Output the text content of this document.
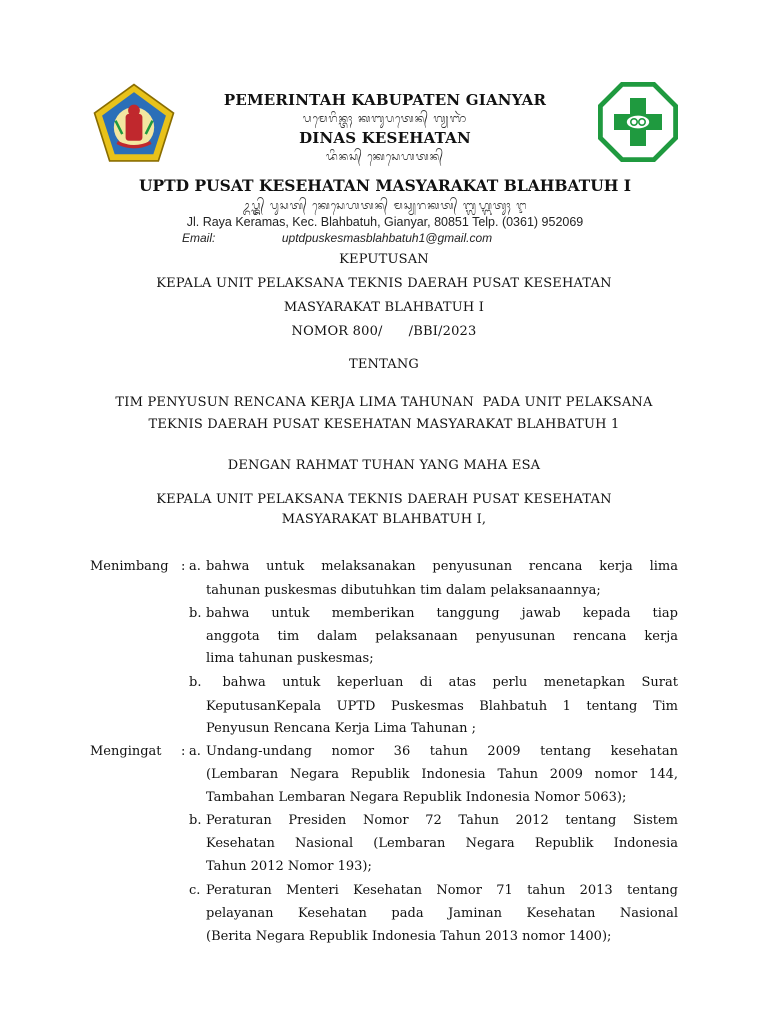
PEMERINTAH KABUPATEN GIANYAR
ᬧᬫᬾᬭᬶᬦ᭄ᬢᬄ ᬓᬩᬸᬧᬢᬾᬦ᭄ ᬕ᭄ᬬᬜᬃ
DINAS KESEHATAN
ᬤᬶᬦᬲ᭄ ᬓᬾᬲᬾᬳᬢᬦ᭄
UPTD PUSAT KESEHATAN MASYARAKAT BLAHBATUH I
ᬉᬧ᭄ᬢ᭄ᬤ᭄ ᬧᬸᬲᬢ᭄ ᬓᬾᬲᬾᬳᬢᬦ᭄ ᬫᬲ᭄ᬬᬭᬓᬢ᭄ ᬩ᭄ᬮᬳ᭄ᬩᬢᬸᬄ ᬇ
Jl. Raya Keramas, Kec. Blahbatuh, Gianyar, 80851 Telp. (0361) 952069
Email:	uptdpuskesmasblahbatuh1@gmail.com
KEPUTUSAN
KEPALA UNIT PELAKSANA TEKNIS DAERAH PUSAT KESEHATAN
MASYARAKAT BLAHBATUH I
NOMOR 800/      /BBI/2023
TENTANG
TIM PENYUSUN RENCANA KERJA LIMA TAHUNAN  PADA UNIT PELAKSANA
TEKNIS DAERAH PUSAT KESEHATAN MASYARAKAT BLAHBATUH 1
DENGAN RAHMAT TUHAN YANG MAHA ESA
KEPALA UNIT PELAKSANA TEKNIS DAERAH PUSAT KESEHATAN
MASYARAKAT BLAHBATUH I,
Menimbang : a. bahwa untuk melaksanakan penyusunan rencana kerja lima
tahunan puskesmas dibutuhkan tim dalam pelaksanaannya;
b. bahwa untuk memberikan tanggung jawab kepada tiap
anggota tim dalam pelaksanaan penyusunan rencana kerja
lima tahunan puskesmas;
b. bahwa untuk keperluan di atas perlu menetapkan Surat
KeputusanKepala UPTD Puskesmas Blahbatuh 1 tentang Tim
Penyusun Rencana Kerja Lima Tahunan ;
Mengingat : a. Undang-undang nomor 36 tahun 2009 tentang kesehatan
(Lembaran Negara Republik Indonesia Tahun 2009 nomor 144,
Tambahan Lembaran Negara Republik Indonesia Nomor 5063);
b. Peraturan Presiden Nomor 72 Tahun 2012 tentang Sistem
Kesehatan Nasional (Lembaran Negara Republik Indonesia
Tahun 2012 Nomor 193);
c. Peraturan Menteri Kesehatan Nomor 71 tahun 2013 tentang
pelayanan Kesehatan pada Jaminan Kesehatan Nasional
(Berita Negara Republik Indonesia Tahun 2013 nomor 1400);
